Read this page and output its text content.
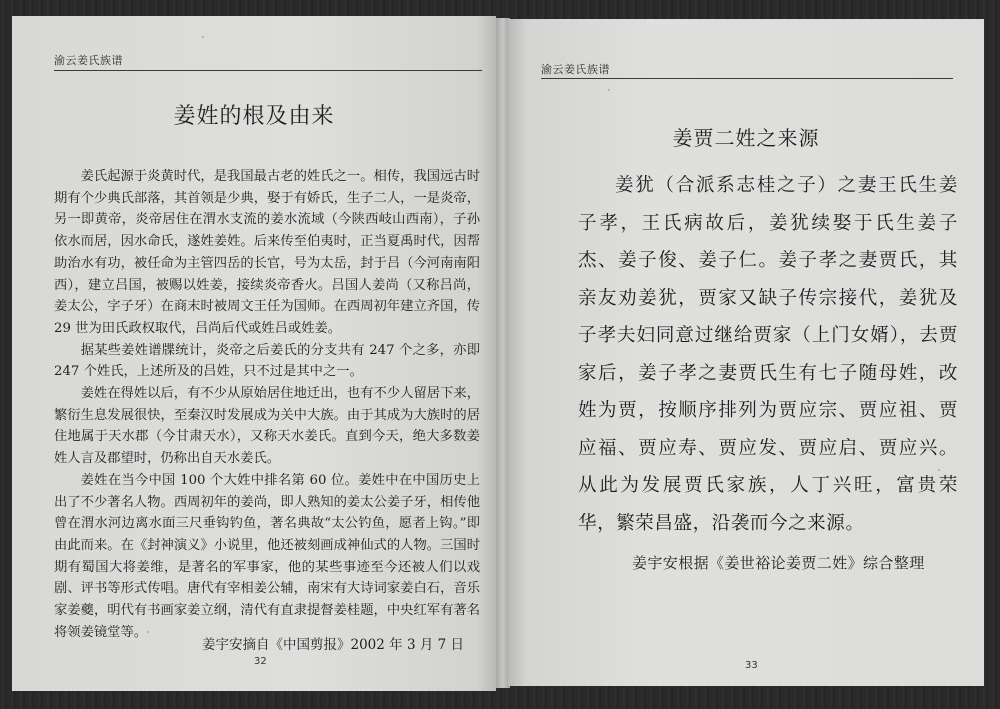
渝云姜氏族谱
姜姓的根及由来

姜氏起源于炎黄时代，是我国最古老的姓氏之一。相传，我国远古时期有个少典氏部落，其首领是少典，娶于有娇氏，生子二人，一是炎帝，另一即黄帝，炎帝居住在渭水支流的姜水流域（今陕西岐山西南），子孙依水而居，因水命氏，遂姓姜姓。后来传至伯夷时，正当夏禹时代，因帮助治水有功，被任命为主管四岳的长官，号为太岳，封于吕（今河南南阳西），建立吕国，被赐以姓姜，接续炎帝香火。吕国人姜尚（又称吕尚，姜太公，字子牙）在商末时被周文王任为国师。在西周初年建立齐国，传 29 世为田氏政权取代，吕尚后代或姓吕或姓姜。

据某些姜姓谱牒统计，炎帝之后姜氏的分支共有 247 个之多，亦即 247 个姓氏，上述所及的吕姓，只不过是其中之一。

姜姓在得姓以后，有不少从原始居住地迁出，也有不少人留居下来，繁衍生息发展很快，至秦汉时发展成为关中大族。由于其成为大族时的居住地属于天水郡（今甘肃天水），又称天水姜氏。直到今天，绝大多数姜姓人言及郡望时，仍称出自天水姜氏。

姜姓在当今中国 100 个大姓中排名第 60 位。姜姓中在中国历史上出了不少著名人物。西周初年的姜尚，即人熟知的姜太公姜子牙，相传他曾在渭水河边离水面三尺垂钩钓鱼，著名典故“太公钓鱼，愿者上钩。”即由此而来。在《封神演义》小说里，他还被刻画成神仙式的人物。三国时期有蜀国大将姜维，是著名的军事家，他的某些事迹至今还被人们以戏剧、评书等形式传唱。唐代有宰相姜公辅，南宋有大诗词家姜白石，音乐家姜夔，明代有书画家姜立纲，清代有直隶提督姜桂题，中央红军有著名将领姜镜堂等。

姜宇安摘自《中国剪报》2002 年 3 月 7 日
32
渝云姜氏族谱
姜贾二姓之来源

姜犹（合派系志桂之子）之妻王氏生姜子孝，王氏病故后，姜犹续娶于氏生姜子杰、姜子俊、姜子仁。姜子孝之妻贾氏，其亲友劝姜犹，贾家又缺子传宗接代，姜犹及子孝夫妇同意过继给贾家（上门女婿），去贾家后，姜子孝之妻贾氏生有七子随母姓，改姓为贾，按顺序排列为贾应宗、贾应祖、贾应福、贾应寿、贾应发、贾应启、贾应兴。从此为发展贾氏家族，人丁兴旺，富贵荣华，繁荣昌盛，沿袭而今之来源。

姜宇安根据《姜世裕论姜贾二姓》综合整理
33
